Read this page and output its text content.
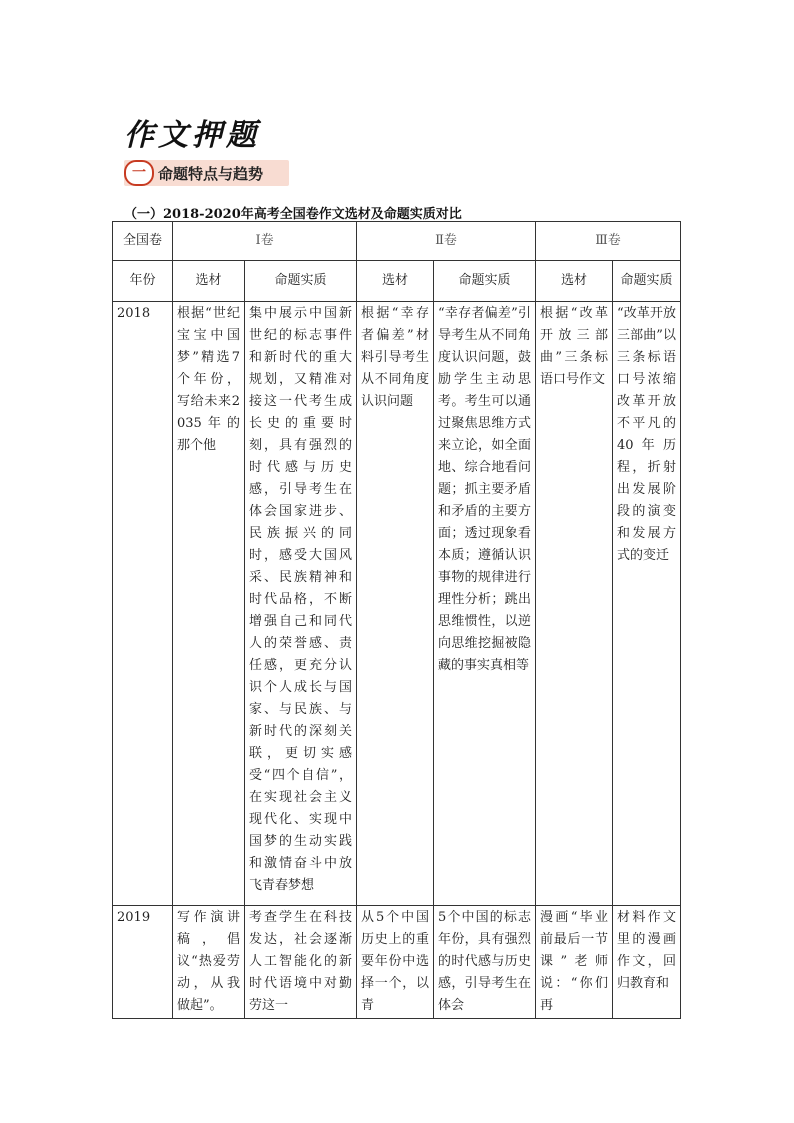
作文押题
一 命题特点与趋势
（一）2018-2020年高考全国卷作文选材及命题实质对比
全国卷	Ⅰ卷		Ⅱ卷		Ⅲ卷	
年份	选材	命题实质	选材	命题实质	选材	命题实质
2018	根据“世纪宝宝中国梦”精选7个年份，写给未来2035年的那个他	集中展示中国新世纪的标志事件和新时代的重大规划，又精准对接这一代考生成长史的重要时刻，具有强烈的时代感与历史感，引导考生在体会国家进步、民族振兴的同时，感受大国风采、民族精神和时代品格，不断增强自己和同代人的荣誉感、责任感，更充分认识个人成长与国家、与民族、与新时代的深刻关联，更切实感受“四个自信”，在实现社会主义现代化、实现中国梦的生动实践和激情奋斗中放飞青春梦想	根据“幸存者偏差”材料引导考生从不同角度认识问题	“幸存者偏差”引导考生从不同角度认识问题，鼓励学生主动思考。考生可以通过聚焦思维方式来立论，如全面地、综合地看问题；抓主要矛盾和矛盾的主要方面；透过现象看本质；遵循认识事物的规律进行理性分析；跳出思维惯性，以逆向思维挖掘被隐藏的事实真相等	根据“改革开放三部曲”三条标语口号作文	“改革开放三部曲”以三条标语口号浓缩改革开放不平凡的40年历程，折射出发展阶段的演变和发展方式的变迁
2019	写作演讲稿，倡议“热爱劳动，从我做起”。	考查学生在科技发达，社会逐渐人工智能化的新时代语境中对勤劳这一	从5个中国历史上的重要年份中选择一个，以青	5个中国的标志年份，具有强烈的时代感与历史感，引导考生在体会	漫画“毕业前最后一节课”老师说：“你们再	材料作文里的漫画作文，回归教育和
